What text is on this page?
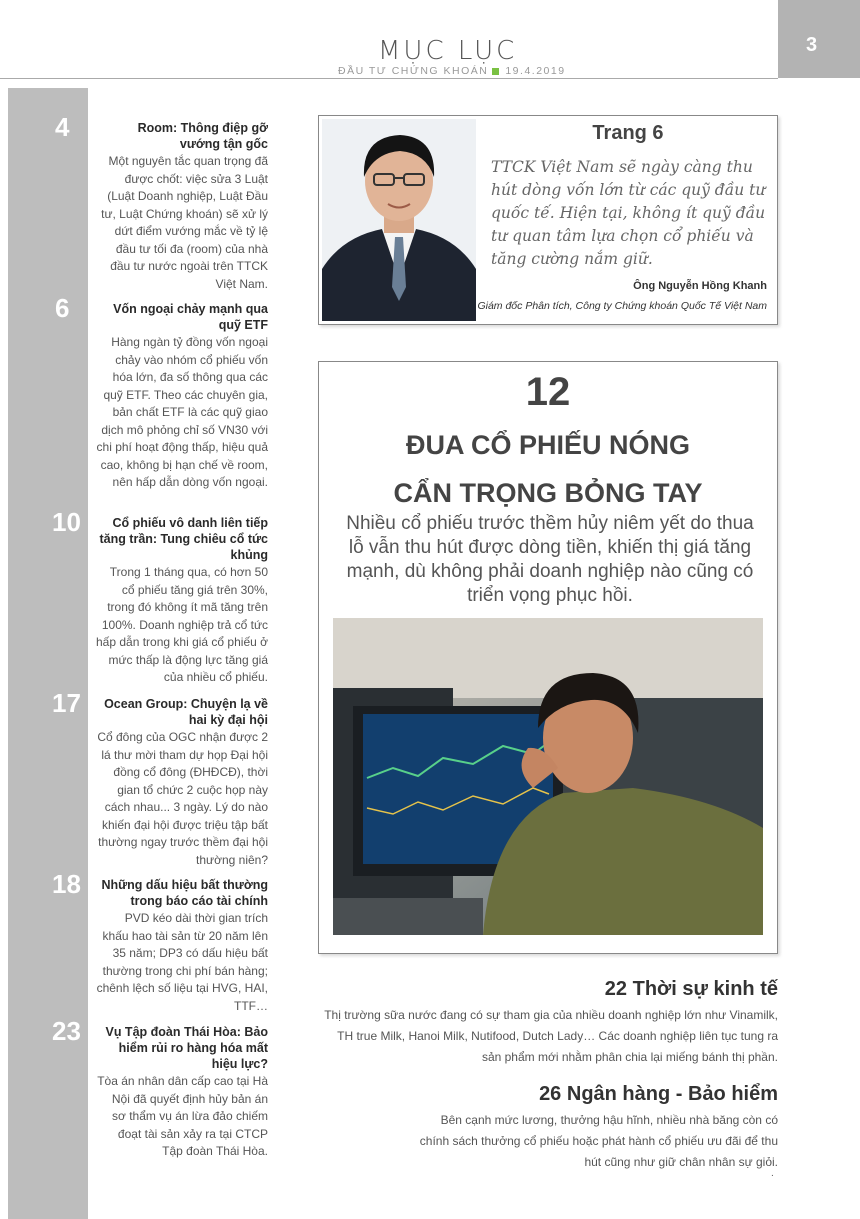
MỤC LỤC
ĐẦU TƯ CHỨNG KHOÁN 19.4.2019
3
4	Room: Thông điệp gỡ vướng tận gốc
Một nguyên tắc quan trọng đã được chốt: việc sửa 3 Luật (Luật Doanh nghiệp, Luật Đầu tư, Luật Chứng khoán) sẽ xử lý dứt điểm vướng mắc về tỷ lệ đầu tư tối đa (room) của nhà đầu tư nước ngoài trên TTCK Việt Nam.
6	Vốn ngoại chảy mạnh qua quỹ ETF
Hàng ngàn tỷ đồng vốn ngoại chảy vào nhóm cổ phiếu vốn hóa lớn, đa số thông qua các quỹ ETF. Theo các chuyên gia, bản chất ETF là các quỹ giao dịch mô phỏng chỉ số VN30 với chi phí hoạt động thấp, hiệu quả cao, không bị hạn chế về room, nên hấp dẫn dòng vốn ngoại.
10	Cổ phiếu vô danh liên tiếp tăng trần: Tung chiêu cổ tức khủng
Trong 1 tháng qua, có hơn 50 cổ phiếu tăng giá trên 30%, trong đó không ít mã tăng trên 100%. Doanh nghiệp trả cổ tức hấp dẫn trong khi giá cổ phiếu ở mức thấp là động lực tăng giá của nhiều cổ phiếu.
17	Ocean Group: Chuyện lạ về hai kỳ đại hội
Cổ đông của OGC nhận được 2 lá thư mời tham dự họp Đại hội đồng cổ đông (ĐHĐCĐ), thời gian tổ chức 2 cuộc họp này cách nhau... 3 ngày. Lý do nào khiến đại hội được triệu tập bất thường ngay trước thềm đại hội thường niên?
18	Những dấu hiệu bất thường trong báo cáo tài chính
PVD kéo dài thời gian trích khấu hao tài sản từ 20 năm lên 35 năm; DP3 có dấu hiệu bất thường trong chi phí bán hàng; chênh lệch số liệu tại HVG, HAI, TTF…
23	Vụ Tập đoàn Thái Hòa: Bảo hiểm rủi ro hàng hóa mất hiệu lực?
Tòa án nhân dân cấp cao tại Hà Nội đã quyết định hủy bản án sơ thẩm vụ án lừa đảo chiếm đoạt tài sản xảy ra tại CTCP Tập đoàn Thái Hòa.
Trang 6
TTCK Việt Nam sẽ ngày càng thu hút dòng vốn lớn từ các quỹ đầu tư quốc tế. Hiện tại, không ít quỹ đầu tư quan tâm lựa chọn cổ phiếu và tăng cường nắm giữ.
Ông Nguyễn Hồng Khanh
Giám đốc Phân tích, Công ty Chứng khoán Quốc Tế Việt Nam
12
ĐUA CỔ PHIẾU NÓNG
CẨN TRỌNG BỎNG TAY
Nhiều cổ phiếu trước thềm hủy niêm yết do thua lỗ vẫn thu hút được dòng tiền, khiến thị giá tăng mạnh, dù không phải doanh nghiệp nào cũng có triển vọng phục hồi.
22 Thời sự kinh tế
Thị trường sữa nước đang có sự tham gia của nhiều doanh nghiệp lớn như Vinamilk, TH true Milk, Hanoi Milk, Nutifood, Dutch Lady… Các doanh nghiệp liên tục tung ra sản phẩm mới nhằm phân chia lại miếng bánh thị phần.
26 Ngân hàng - Bảo hiểm
Bên cạnh mức lương, thưởng hậu hĩnh, nhiều nhà băng còn có chính sách thưởng cổ phiếu hoặc phát hành cổ phiếu ưu đãi để thu hút cũng như giữ chân nhân sự giỏi.
.
